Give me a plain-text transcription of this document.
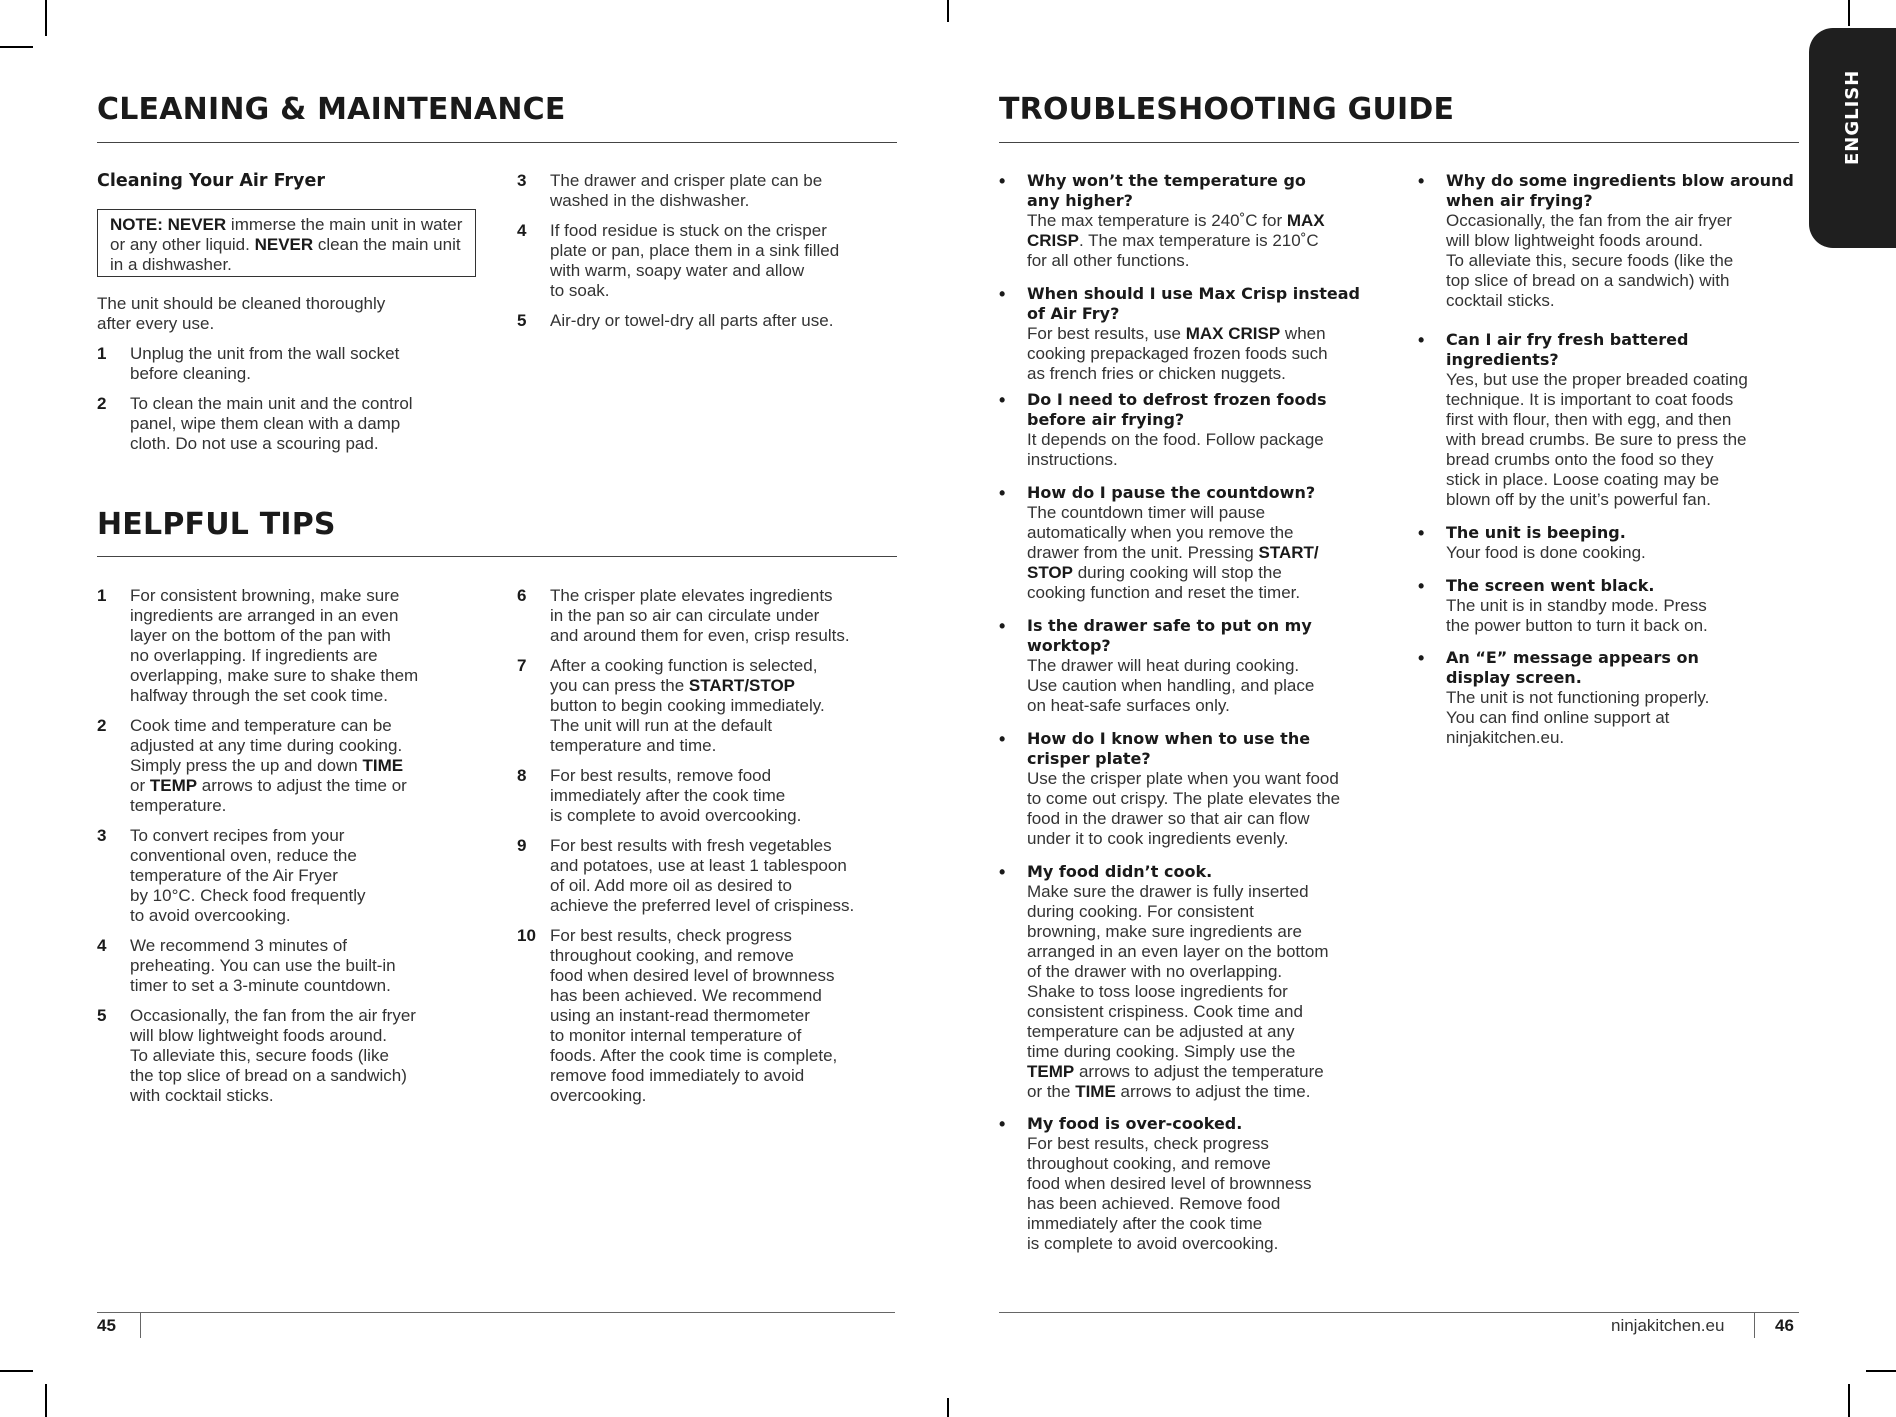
ENGLISH
CLEANING & MAINTENANCE
Cleaning Your Air Fryer
NOTE: NEVER immerse the main unit in water or any other liquid. NEVER clean the main unit in a dishwasher.
The unit should be cleaned thoroughly
after every use.
1 Unplug the unit from the wall socket
before cleaning.
2 To clean the main unit and the control
panel, wipe them clean with a damp
cloth. Do not use a scouring pad.
3 The drawer and crisper plate can be
washed in the dishwasher.
4 If food residue is stuck on the crisper
plate or pan, place them in a sink filled
with warm, soapy water and allow
to soak.
5 Air-dry or towel-dry all parts after use.
HELPFUL TIPS
1 For consistent browning, make sure
ingredients are arranged in an even
layer on the bottom of the pan with
no overlapping. If ingredients are
overlapping, make sure to shake them
halfway through the set cook time.
2 Cook time and temperature can be
adjusted at any time during cooking.
Simply press the up and down TIME
or TEMP arrows to adjust the time or
temperature.
3 To convert recipes from your
conventional oven, reduce the
temperature of the Air Fryer
by 10°C. Check food frequently
to avoid overcooking.
4 We recommend 3 minutes of
preheating. You can use the built-in
timer to set a 3-minute countdown.
5 Occasionally, the fan from the air fryer
will blow lightweight foods around.
To alleviate this, secure foods (like
the top slice of bread on a sandwich)
with cocktail sticks.
6 The crisper plate elevates ingredients
in the pan so air can circulate under
and around them for even, crisp results.
7 After a cooking function is selected,
you can press the START/STOP
button to begin cooking immediately.
The unit will run at the default
temperature and time.
8 For best results, remove food
immediately after the cook time
is complete to avoid overcooking.
9 For best results with fresh vegetables
and potatoes, use at least 1 tablespoon
of oil. Add more oil as desired to
achieve the preferred level of crispiness.
10 For best results, check progress
throughout cooking, and remove
food when desired level of brownness
has been achieved. We recommend
using an instant-read thermometer
to monitor internal temperature of
foods. After the cook time is complete,
remove food immediately to avoid
overcooking.
45
TROUBLESHOOTING GUIDE
• Why won’t the temperature go
any higher?
The max temperature is 240˚C for MAX
CRISP. The max temperature is 210˚C
for all other functions.
• When should I use Max Crisp instead
of Air Fry?
For best results, use MAX CRISP when
cooking prepackaged frozen foods such
as french fries or chicken nuggets.
• Do I need to defrost frozen foods
before air frying?
It depends on the food. Follow package
instructions.
• How do I pause the countdown?
The countdown timer will pause
automatically when you remove the
drawer from the unit. Pressing START/
STOP during cooking will stop the
cooking function and reset the timer.
• Is the drawer safe to put on my
worktop?
The drawer will heat during cooking.
Use caution when handling, and place
on heat-safe surfaces only.
• How do I know when to use the
crisper plate?
Use the crisper plate when you want food
to come out crispy. The plate elevates the
food in the drawer so that air can flow
under it to cook ingredients evenly.
• My food didn’t cook.
Make sure the drawer is fully inserted
during cooking. For consistent
browning, make sure ingredients are
arranged in an even layer on the bottom
of the drawer with no overlapping.
Shake to toss loose ingredients for
consistent crispiness. Cook time and
temperature can be adjusted at any
time during cooking. Simply use the
TEMP arrows to adjust the temperature
or the TIME arrows to adjust the time.
• My food is over-cooked.
For best results, check progress
throughout cooking, and remove
food when desired level of brownness
has been achieved. Remove food
immediately after the cook time
is complete to avoid overcooking.
• Why do some ingredients blow around
when air frying?
Occasionally, the fan from the air fryer
will blow lightweight foods around.
To alleviate this, secure foods (like the
top slice of bread on a sandwich) with
cocktail sticks.
• Can I air fry fresh battered
ingredients?
Yes, but use the proper breaded coating
technique. It is important to coat foods
first with flour, then with egg, and then
with bread crumbs. Be sure to press the
bread crumbs onto the food so they
stick in place. Loose coating may be
blown off by the unit’s powerful fan.
• The unit is beeping.
Your food is done cooking.
• The screen went black.
The unit is in standby mode. Press
the power button to turn it back on.
• An “E” message appears on
display screen.
The unit is not functioning properly.
You can find online support at
ninjakitchen.eu.
ninjakitchen.eu	46
